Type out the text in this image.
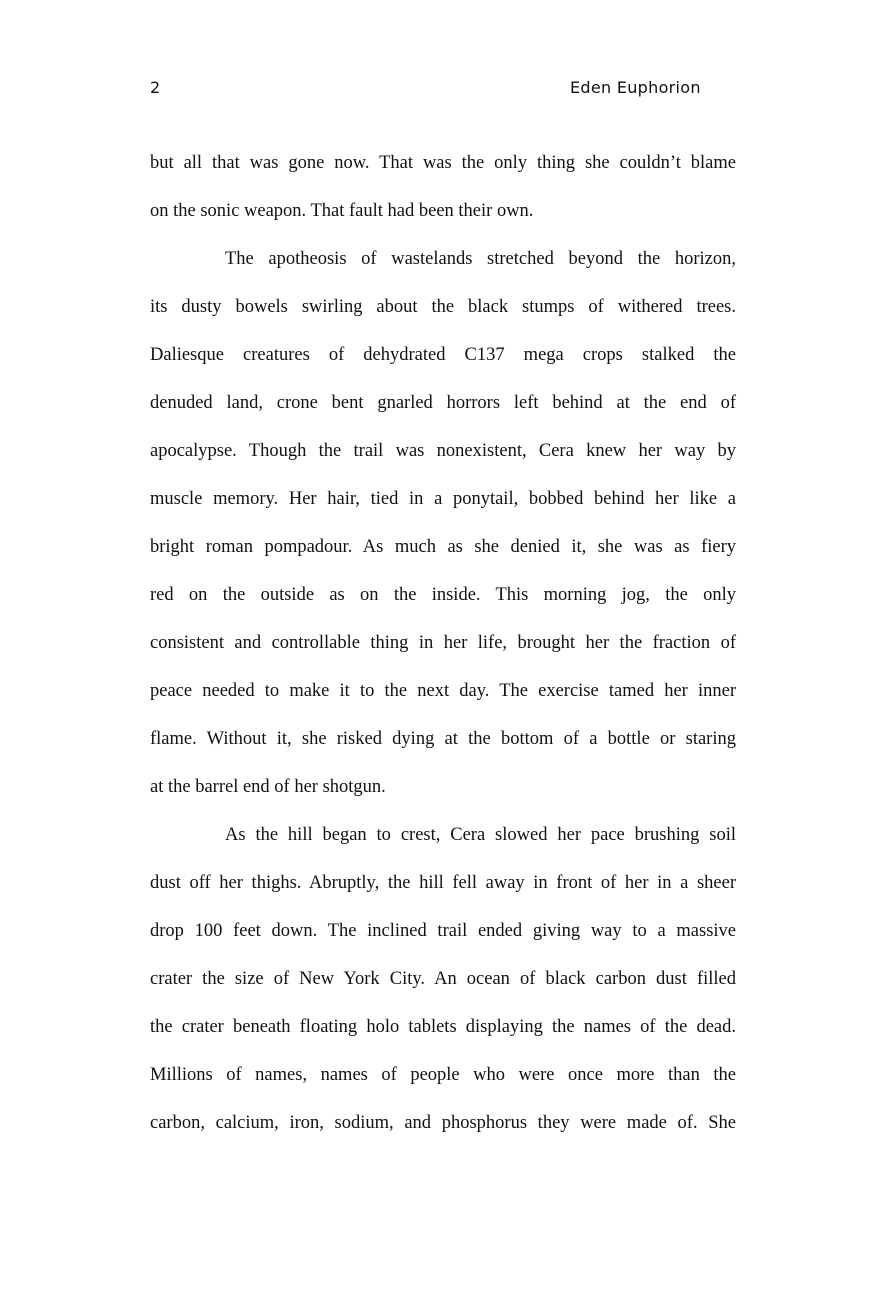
2	Eden Euphorion
but all that was gone now. That was the only thing she couldn’t blame
on the sonic weapon. That fault had been their own.
The apotheosis of wastelands stretched beyond the horizon,
its dusty bowels swirling about the black stumps of withered trees.
Daliesque creatures of dehydrated C137 mega crops stalked the
denuded land, crone bent gnarled horrors left behind at the end of
apocalypse. Though the trail was nonexistent, Cera knew her way by
muscle memory. Her hair, tied in a ponytail, bobbed behind her like a
bright roman pompadour. As much as she denied it, she was as fiery
red on the outside as on the inside. This morning jog, the only
consistent and controllable thing in her life, brought her the fraction of
peace needed to make it to the next day. The exercise tamed her inner
flame. Without it, she risked dying at the bottom of a bottle or staring
at the barrel end of her shotgun.
As the hill began to crest, Cera slowed her pace brushing soil
dust off her thighs. Abruptly, the hill fell away in front of her in a sheer
drop 100 feet down. The inclined trail ended giving way to a massive
crater the size of New York City. An ocean of black carbon dust filled
the crater beneath floating holo tablets displaying the names of the dead.
Millions of names, names of people who were once more than the
carbon, calcium, iron, sodium, and phosphorus they were made of. She
